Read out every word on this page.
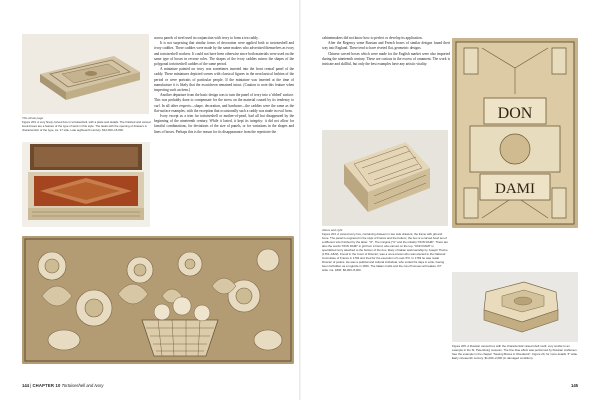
This whole page
Figure 203. A very finely carved box in tortoiseshell, with a plate and details. The finished and carved book-boxes are a feature of the type of work in this style. The tasks with the opening of drawers is characteristic of the type, ca. 17 side, Late eighteenth century. $12,000–15,000.

across panels of steel used in conjunction with ivory to form a tea caddy.

It is not surprising that similar forms of decoration were applied both to tortoiseshell and ivory caddies. These caddies were made by the same makers who advertised themselves as ivory and tortoiseshell workers. It could not have been otherwise since both materials were used on the same type of boxes in reverse roles. The shapes of the ivory caddies mirror the shapes of the polygonal tortoiseshell caddies of the same period.

A miniature painted on ivory was sometimes inserted into the front central panel of the caddy. These miniatures depicted scenes with classical figures in the neoclassical fashion of the period or were portraits of particular people. If the miniature was inserted at the time of manufacture it is likely that the escutcheon remained intact. (Caution to note this feature when inspecting such an item.)

Another departure from the basic design was to turn the panel of ivory into a 'ribbed' surface. This was probably done to compensate for the stress on the material caused by its tendency to curl. In all other respects—shape, decoration, and hardware—the caddies were the same as the flat-surface examples, with the exception that occasionally such a caddy was made in oval form.

Ivory except as a trim for tortoiseshell or mother-of-pearl, had all but disappeared by the beginning of the nineteenth century. While it lasted, it kept its integrity: it did not allow for fanciful combinations, for deviations of the size of panels, or for variations in the shapes and lines of boxes. Perhaps this is the reason for its disappearance from the repertoire the

144 | CHAPTER 10 Tortoiseshell and Ivory

cabinetmakers did not know how to perfect or develop its application.

After the Regency some Russian and French boxes of similar designs found their way into England. These tend to have riveted flat, geometric designs.

Chinese carved boxes which were made for the English market were also imported during the nineteenth century. These are curious in the excess of ornament. The work is intricate and skillful, but only the best examples have any artistic vitality.

DON
DAMI
Above and right
Figure 204. A carved ivory box, containing drawers in two side drawers; the frame with gilt and bone. The panel is engraved in the style of France and the bottom; the box is a carved bowl set of a different size finished by the latter. "IJ". The insignia ("IJ" and the initials) "DON DAMI". There are also the words "DON DAMI" in gilt from a friend, also carved on the top. "DON DAMI" is specialized ivory attached to the bottom of the box, likely of Italian workmanship by Joseph Thorne (1761–1822). Found in the Court of Director; was a once-known who was elected to the National Committee of France in 1792 and tried for the execution of Louis XVI. In 1793 he was made Director of justice. He was a political and cultural individual, who ended his days in exile, having been forbidden as a regicide in 1816. The Italian motifs and the cut-off scenes at breakes. 6/7 wide. Ca. 1800. $6,000–8,000.
Figure 205. A Russian carved box with the characteristic raised shell motif, very similar to an example in the St. Petersburg museum. The fine blue effect was performed by Russian craftsmen. See the example in the chapter "Sewing Boxes in Woodwork". Figure 20, for more details. 5" wide. Early nineteenth century. $1,000–2,000 (in damaged condition).
145
